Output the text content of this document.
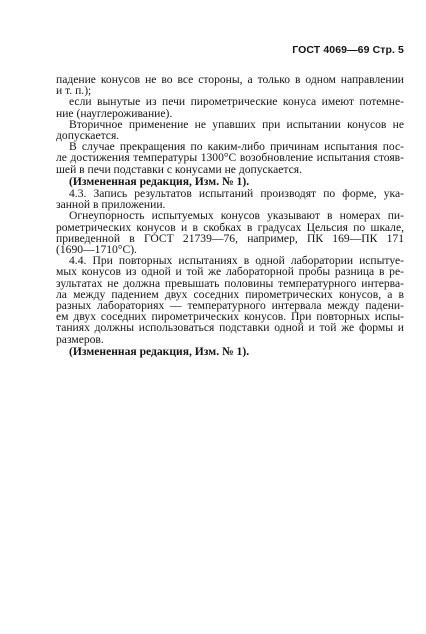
ГОСТ 4069—69 Стр. 5
падение конусов не во все стороны, а только в одном направлении
и т. п.);
если вынутые из печи пирометрические конуса имеют потемне-
ние (науглероживание).
Вторичное применение не упавших при испытании конусов не
допускается.
В случае прекращения по каким-либо причинам испытания пос-
ле достижения температуры 1300°С возобновление испытания стояв-
шей в печи подставки с конусами не допускается.
(Измененная редакция, Изм. № 1).
4.3. Запись результатов испытаний производят по форме, ука-
занной в приложении.
Огнеупорность испытуемых конусов указывают в номерах пи-
рометрических конусов и в скобках в градусах Цельсия по шкале,
приведенной в ГОСТ 21739—76, например, ПК 169—ПК 171
(1690—1710°С).
4.4. При повторных испытаниях в одной лаборатории испытуе-
мых конусов из одной и той же лабораторной пробы разница в ре-
зультатах не должна превышать половины температурного интерва-
ла между падением двух соседних пирометрических конусов, а в
разных лабораториях — температурного интервала между падени-
ем двух соседних пирометрических конусов. При повторных испы-
таниях должны использоваться подставки одной и той же формы и
размеров.
(Измененная редакция, Изм. № 1).
